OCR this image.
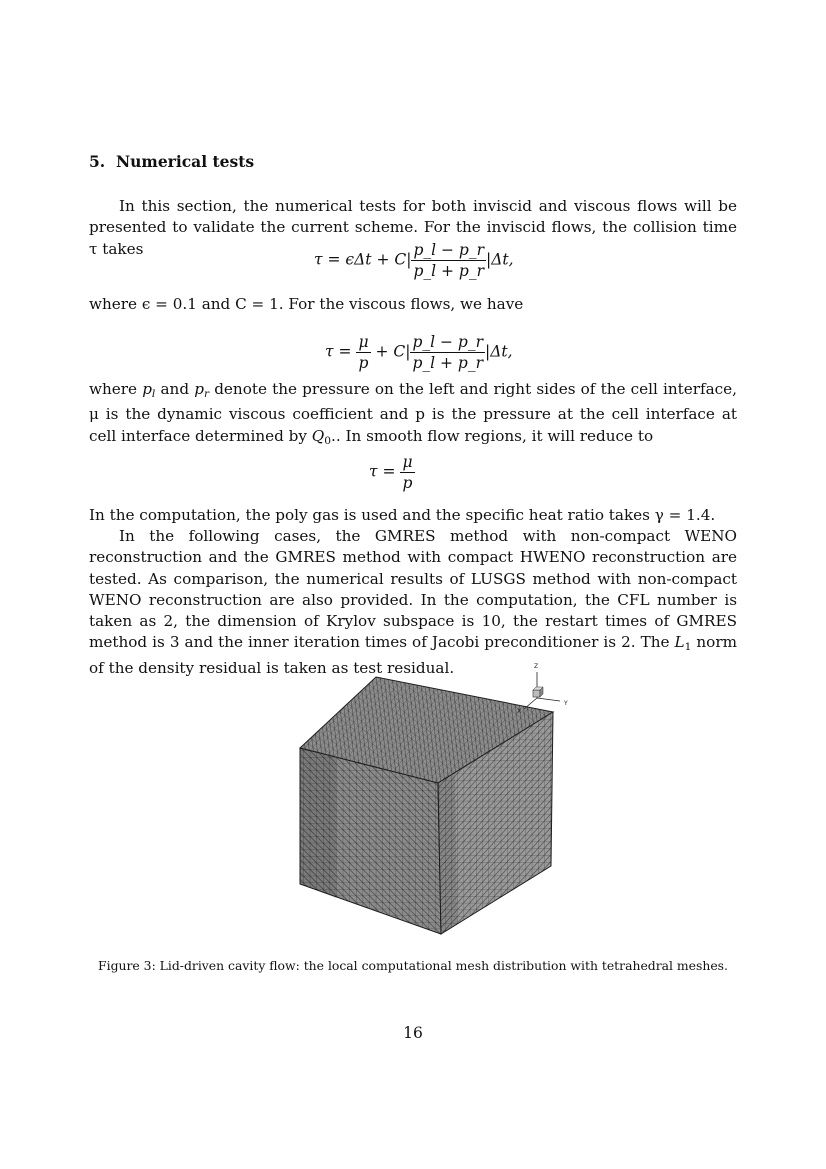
5. Numerical tests
In this section, the numerical tests for both inviscid and viscous flows will be presented to validate the current scheme. For the inviscid flows, the collision time τ takes
$\tau = \epsilon\Delta t + C| \frac{p\_l - p\_r}{p\_l + p\_r} |\Delta t$,
where ϵ = 0.1 and C = 1. For the viscous flows, we have
$\tau = \frac{\mu}{p} + C| \frac{p\_l - p\_r}{p\_l + p\_r} |\Delta t$,
where $p_l$ and $p_r$ denote the pressure on the left and right sides of the cell interface, μ is the dynamic viscous coefficient and p is the pressure at the cell interface at cell interface determined by $Q_0$.. In smooth flow regions, it will reduce to
$\tau = \frac{\mu}{p}$
In the computation, the poly gas is used and the specific heat ratio takes γ = 1.4.
In the following cases, the GMRES method with non-compact WENO reconstruction and the GMRES method with compact HWENO reconstruction are tested. As comparison, the numerical results of LUSGS method with non-compact WENO reconstruction are also provided. In the computation, the CFL number is taken as 2, the dimension of Krylov subspace is 10, the restart times of GMRES method is 3 and the inner iteration times of Jacobi preconditioner is 2. The $L_1$ norm of the density residual is taken as test residual.	Z
Y
X
Figure 3: Lid-driven cavity flow: the local computational mesh distribution with tetrahedral meshes.
16
